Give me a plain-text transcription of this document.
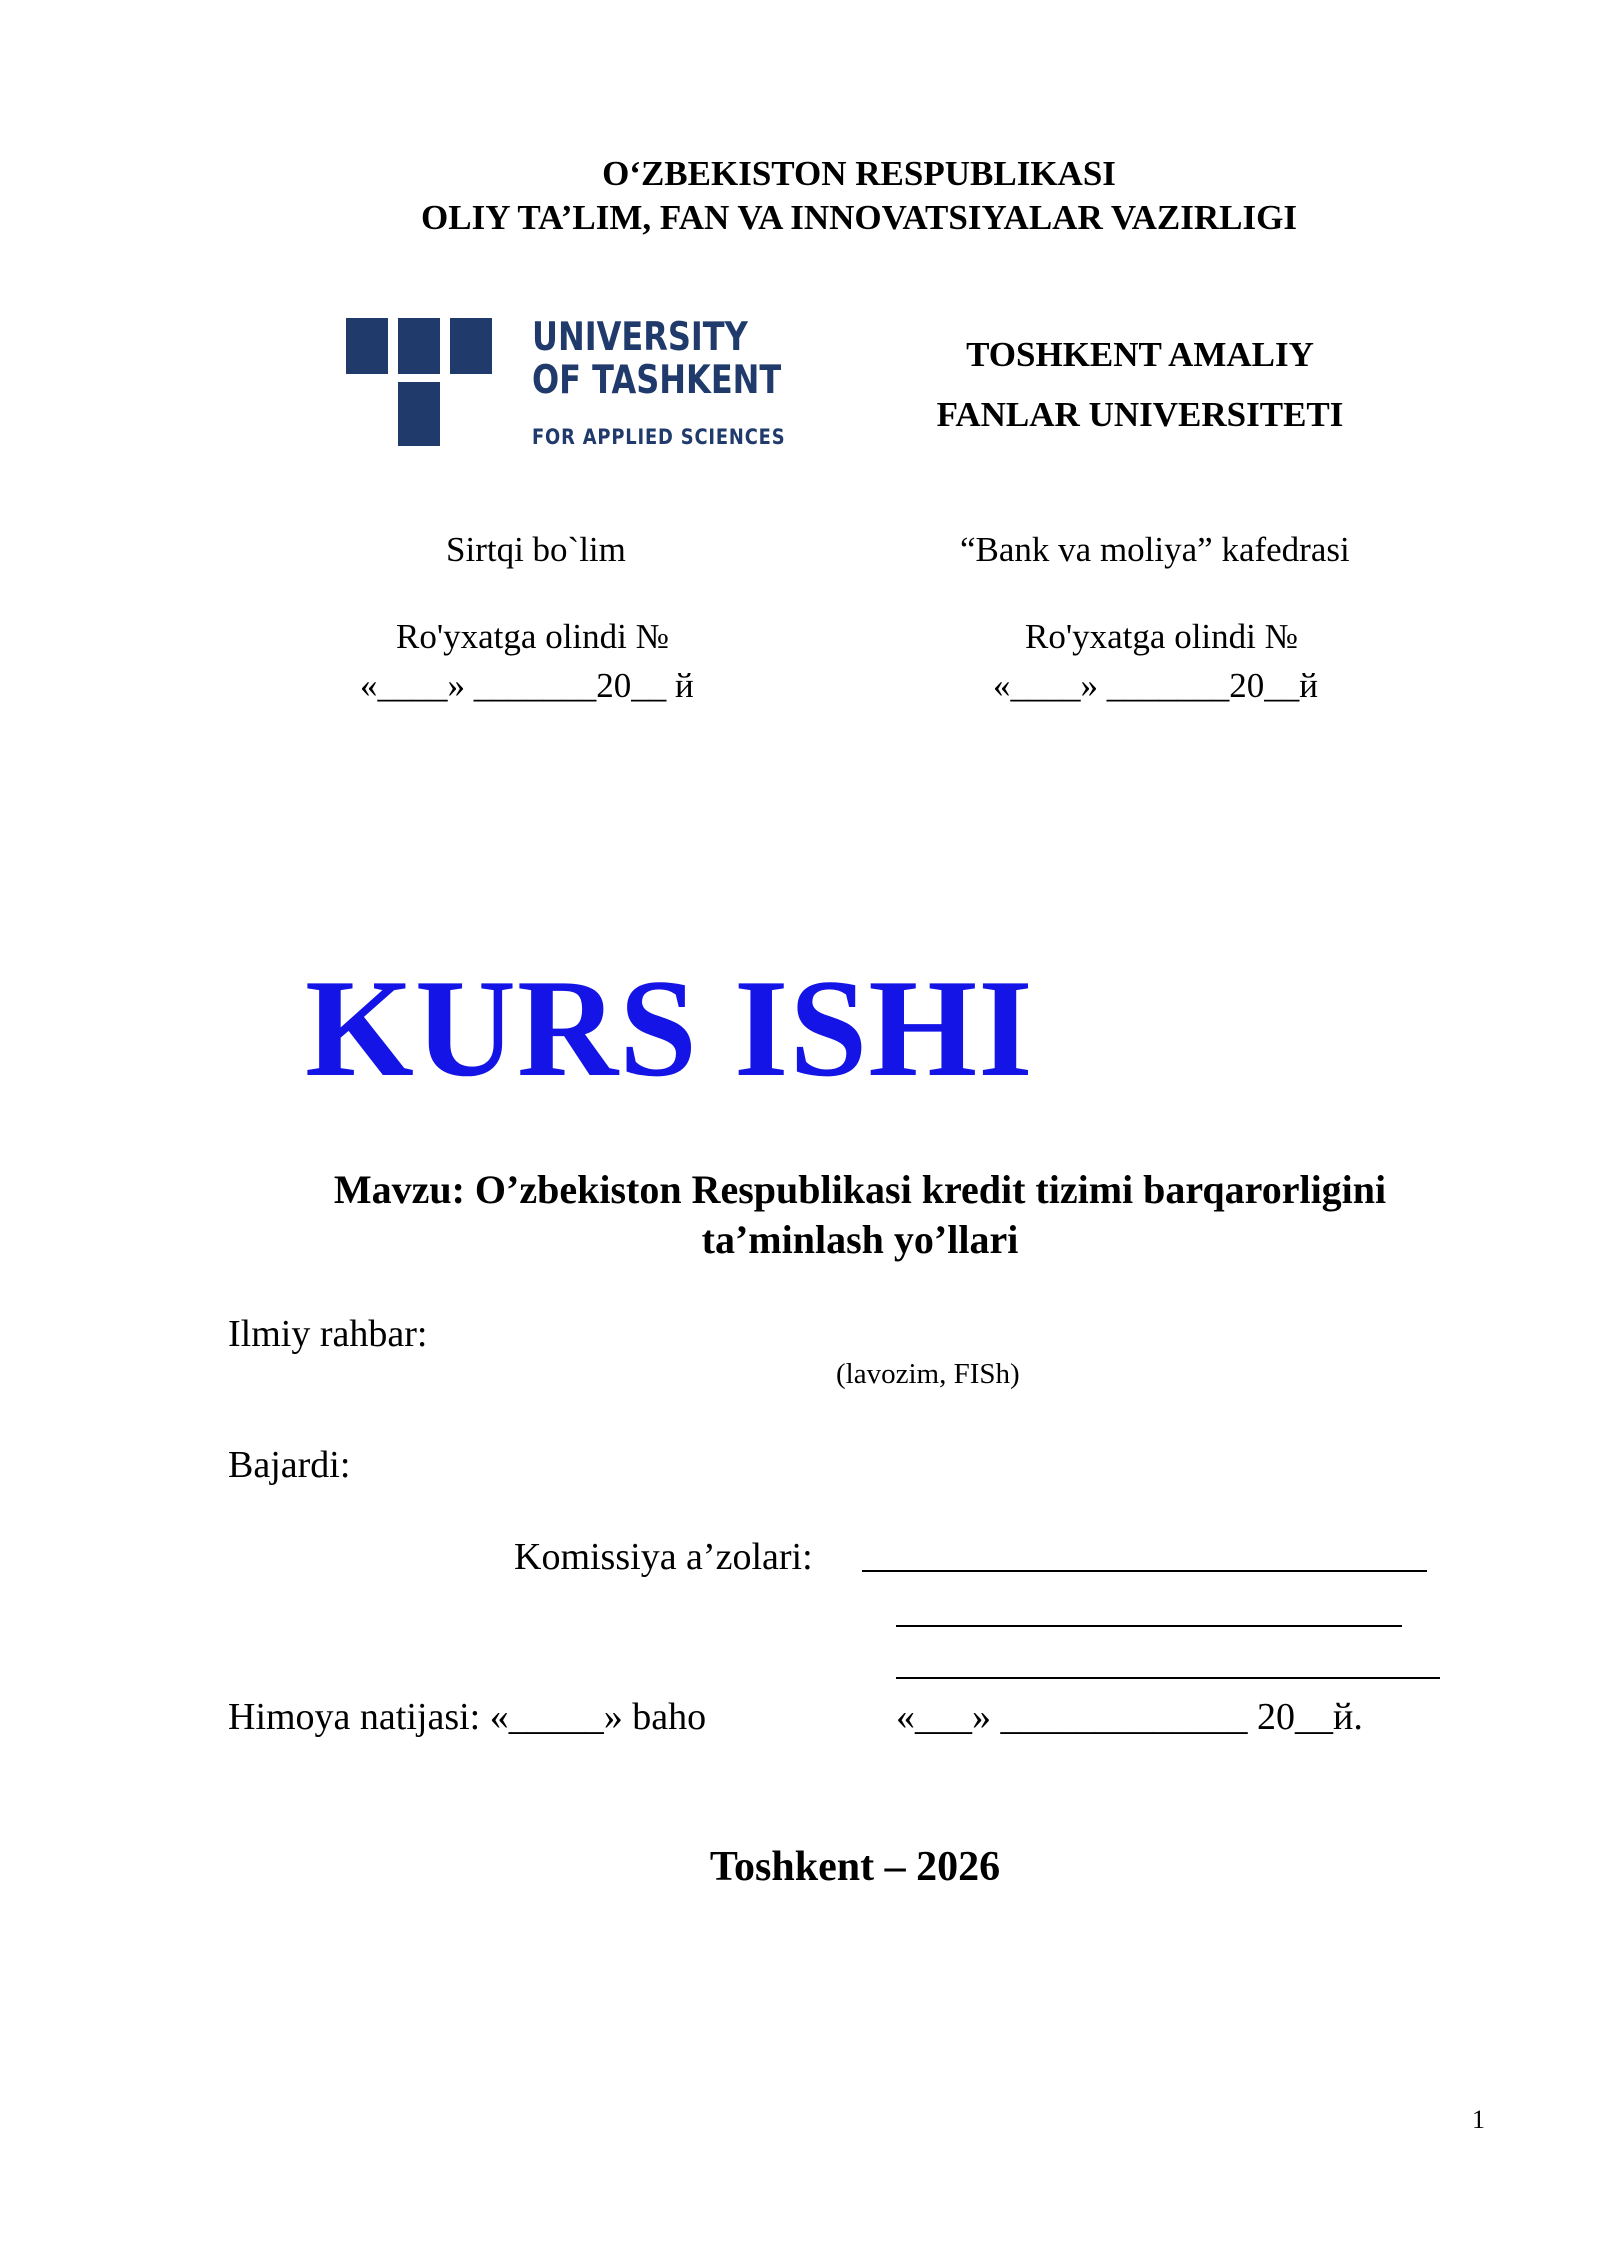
O‘ZBEKISTON RESPUBLIKASI
OLIY TA’LIM, FAN VA INNOVATSIYALAR VAZIRLIGI
UNIVERSITY
OF TASHKENT
FOR APPLIED SCIENCES
TOSHKENT AMALIY
FANLAR UNIVERSITETI
Sirtqi bo`lim
Ro'yxatga olindi №
«____» _______20__ й
“Bank va moliya” kafedrasi
Ro'yxatga olindi №
«____» _______20__й
KURS ISHI
Mavzu: O’zbekiston Respublikasi kredit tizimi barqarorligini
ta’minlash yo’llari
Ilmiy rahbar:
(lavozim, FISh)
Bajardi:
Komissiya a’zolari:
Himoya natijasi: «_____» baho	«___» _____________ 20__й.
Toshkent – 2026
1
